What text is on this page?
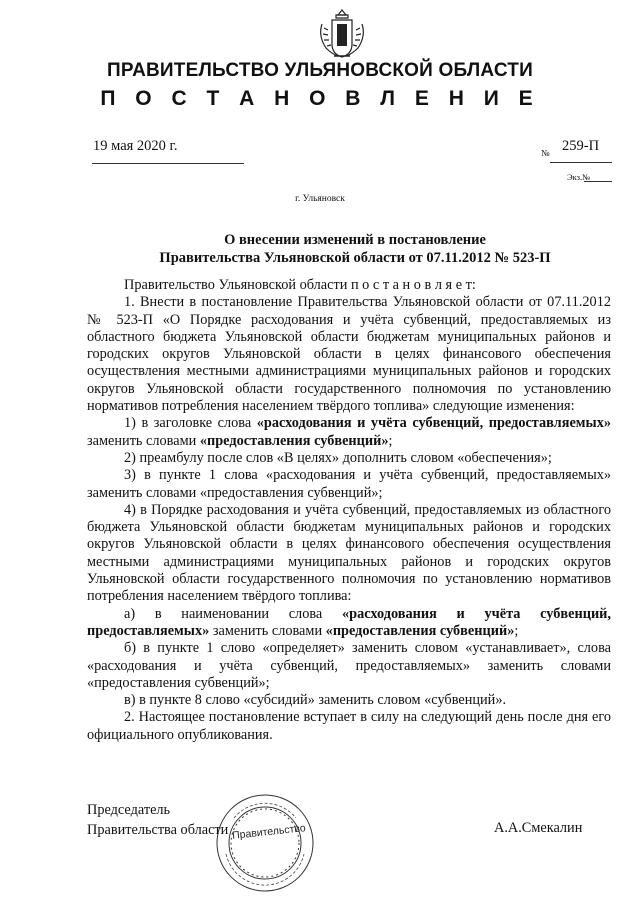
ПРАВИТЕЛЬСТВО УЛЬЯНОВСКОЙ ОБЛАСТИ
П О С Т А Н О В Л Е Н И Е
19 мая 2020 г.	№ 259-П
Экз.№
г. Ульяновск
О внесении изменений в постановление
Правительства Ульяновской области от 07.11.2012 № 523-П

Правительство Ульяновской области п о с т а н о в л я е т:

1. Внести в постановление Правительства Ульяновской области от 07.11.2012 № 523-П «О Порядке расходования и учёта субвенций, предоставляемых из областного бюджета Ульяновской области бюджетам муниципальных районов и городских округов Ульяновской области в целях финансового обеспечения осуществления местными администрациями муниципальных районов и городских округов Ульяновской области государственного полномочия по установлению нормативов потребления населением твёрдого топлива» следующие изменения:

1) в заголовке слова «расходования и учёта субвенций, предоставляемых» заменить словами «предоставления субвенций»;

2) преамбулу после слов «В целях» дополнить словом «обеспечения»;

3) в пункте 1 слова «расходования и учёта субвенций, предоставляемых» заменить словами «предоставления субвенций»;

4) в Порядке расходования и учёта субвенций, предоставляемых из областного бюджета Ульяновской области бюджетам муниципальных районов и городских округов Ульяновской области в целях финансового обеспечения осуществления местными администрациями муниципальных районов и городских округов Ульяновской области государственного полномочия по установлению нормативов потребления населением твёрдого топлива:

а) в наименовании слова «расходования и учёта субвенций, предоставляемых» заменить словами «предоставления субвенций»;

б) в пункте 1 слово «определяет» заменить словом «устанавливает», слова «расходования и учёта субвенций, предоставляемых» заменить словами «предоставления субвенций»;

в) в пункте 8 слово «субсидий» заменить словом «субвенций».

2. Настоящее постановление вступает в силу на следующий день после дня его официального опубликования.

Правительство
Председатель
Правительства области	А.А.Смекалин
